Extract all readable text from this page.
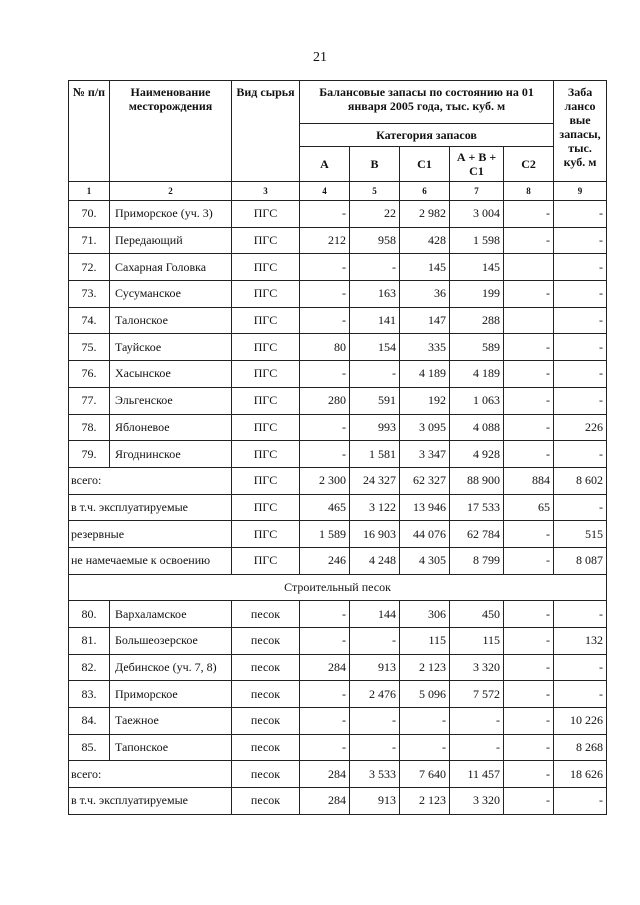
21
№ п/п	Наименование месторождения	Вид сырья	Балансовые запасы по состоянию на 01 января 2005 года, тыс. куб. м					Заба лансо вые запасы, тыс. куб. м
			Категория запасов					
			А	В	С1	А + В + С1	С2	
1	2	3	4	5	6	7	8	9
70.	Приморское (уч. 3)	ПГС	-	22	2 982	3 004	-	-
71.	Передающий	ПГС	212	958	428	1 598	-	-
72.	Сахарная Головка	ПГС	-	-	145	145		-
73.	Сусуманское	ПГС	-	163	36	199	-	-
74.	Талонское	ПГС	-	141	147	288		-
75.	Тауйское	ПГС	80	154	335	589	-	-
76.	Хасынское	ПГС	-	-	4 189	4 189	-	-
77.	Эльгенское	ПГС	280	591	192	1 063	-	-
78.	Яблоневое	ПГС	-	993	3 095	4 088	-	226
79.	Ягоднинское	ПГС	-	1 581	3 347	4 928	-	-
всего:		ПГС	2 300	24 327	62 327	88 900	884	8 602
в т.ч. эксплуатируемые		ПГС	465	3 122	13 946	17 533	65	-
резервные		ПГС	1 589	16 903	44 076	62 784	-	515
не намечаемые к освоению		ПГС	246	4 248	4 305	8 799	-	8 087
Строительный песок								
80.	Вархаламское	песок	-	144	306	450	-	-
81.	Большеозерское	песок	-	-	115	115	-	132
82.	Дебинское (уч. 7, 8)	песок	284	913	2 123	3 320	-	-
83.	Приморское	песок	-	2 476	5 096	7 572	-	-
84.	Таежное	песок	-	-	-	-	-	10 226
85.	Тапонское	песок	-	-	-	-	-	8 268
всего:		песок	284	3 533	7 640	11 457	-	18 626
в т.ч. эксплуатируемые		песок	284	913	2 123	3 320	-	-
